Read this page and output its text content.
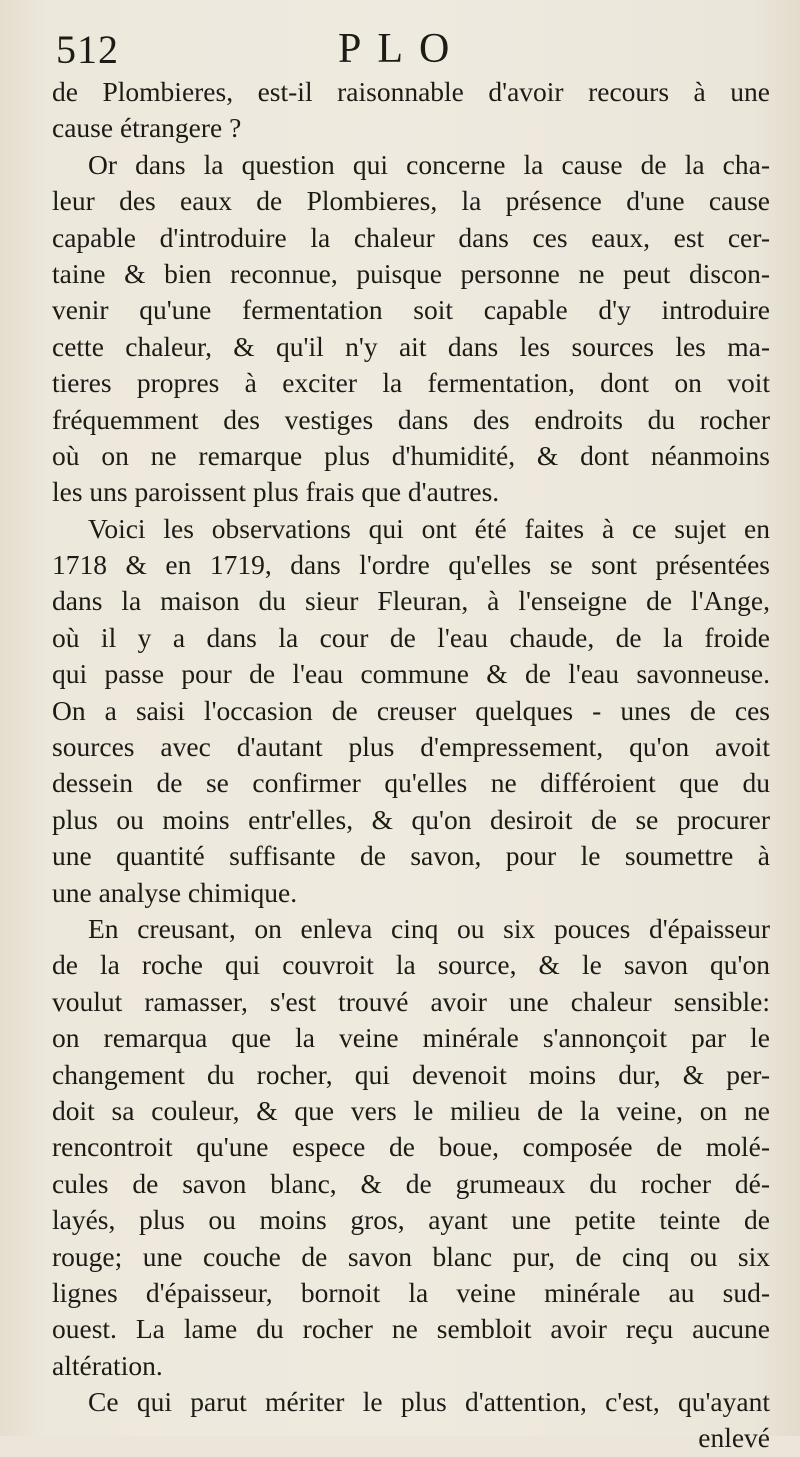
512	PLO
de Plombieres, est-il raisonnable d'avoir recours à une
cause étrangere ?
Or dans la question qui concerne la cause de la cha-
leur des eaux de Plombieres, la présence d'une cause
capable d'introduire la chaleur dans ces eaux, est cer-
taine & bien reconnue, puisque personne ne peut discon-
venir qu'une fermentation soit capable d'y introduire
cette chaleur, & qu'il n'y ait dans les sources les ma-
tieres propres à exciter la fermentation, dont on voit
fréquemment des vestiges dans des endroits du rocher
où on ne remarque plus d'humidité, & dont néanmoins
les uns paroissent plus frais que d'autres.
Voici les observations qui ont été faites à ce sujet en
1718 & en 1719, dans l'ordre qu'elles se sont présentées
dans la maison du sieur Fleuran, à l'enseigne de l'Ange,
où il y a dans la cour de l'eau chaude, de la froide
qui passe pour de l'eau commune & de l'eau savonneuse.
On a saisi l'occasion de creuser quelques - unes de ces
sources avec d'autant plus d'empressement, qu'on avoit
dessein de se confirmer qu'elles ne différoient que du
plus ou moins entr'elles, & qu'on desiroit de se procurer
une quantité suffisante de savon, pour le soumettre à
une analyse chimique.
En creusant, on enleva cinq ou six pouces d'épaisseur
de la roche qui couvroit la source, & le savon qu'on
voulut ramasser, s'est trouvé avoir une chaleur sensible:
on remarqua que la veine minérale s'annonçoit par le
changement du rocher, qui devenoit moins dur, & per-
doit sa couleur, & que vers le milieu de la veine, on ne
rencontroit qu'une espece de boue, composée de molé-
cules de savon blanc, & de grumeaux du rocher dé-
layés, plus ou moins gros, ayant une petite teinte de
rouge; une couche de savon blanc pur, de cinq ou six
lignes d'épaisseur, bornoit la veine minérale au sud-
ouest. La lame du rocher ne sembloit avoir reçu aucune
altération.
Ce qui parut mériter le plus d'attention, c'est, qu'ayant
enlevé
